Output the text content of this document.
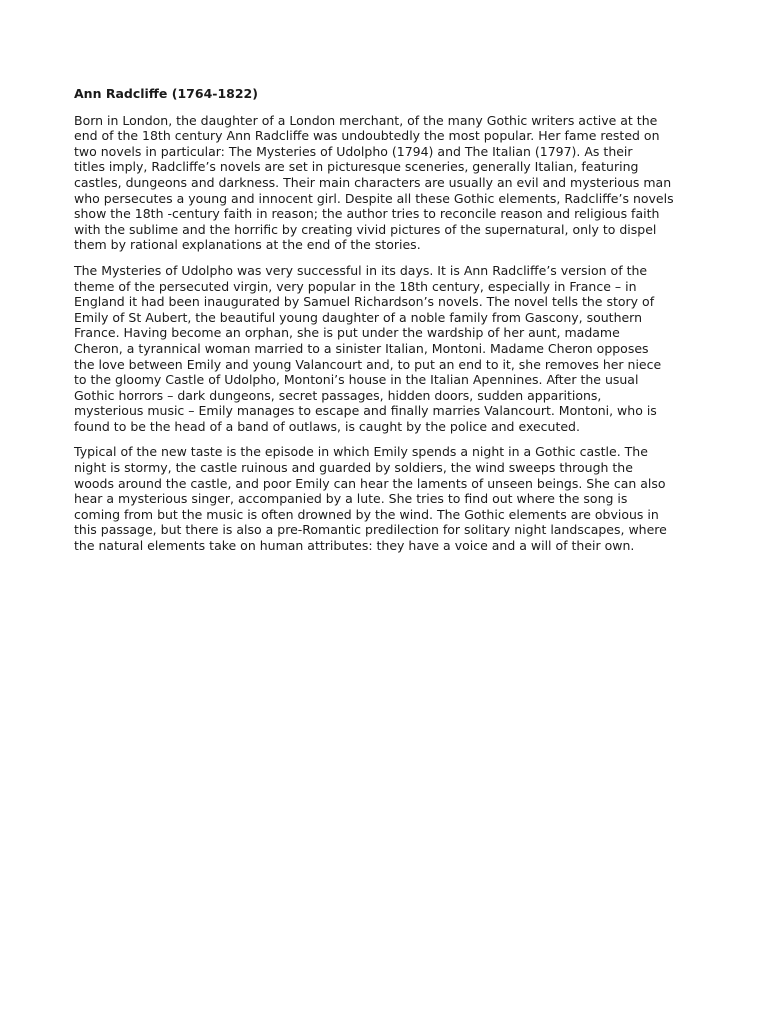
Ann Radcliffe (1764-1822)

Born in London, the daughter of a London merchant, of the many Gothic writers active at the
end of the 18th century Ann Radcliffe was undoubtedly the most popular. Her fame rested on
two novels in particular: The Mysteries of Udolpho (1794) and The Italian (1797). As their
titles imply, Radcliffe’s novels are set in picturesque sceneries, generally Italian, featuring
castles, dungeons and darkness. Their main characters are usually an evil and mysterious man
who persecutes a young and innocent girl. Despite all these Gothic elements, Radcliffe’s novels
show the 18th -century faith in reason; the author tries to reconcile reason and religious faith
with the sublime and the horrific by creating vivid pictures of the supernatural, only to dispel
them by rational explanations at the end of the stories.

The Mysteries of Udolpho was very successful in its days. It is Ann Radcliffe’s version of the
theme of the persecuted virgin, very popular in the 18th century, especially in France – in
England it had been inaugurated by Samuel Richardson’s novels. The novel tells the story of
Emily of St Aubert, the beautiful young daughter of a noble family from Gascony, southern
France. Having become an orphan, she is put under the wardship of her aunt, madame
Cheron, a tyrannical woman married to a sinister Italian, Montoni. Madame Cheron opposes
the love between Emily and young Valancourt and, to put an end to it, she removes her niece
to the gloomy Castle of Udolpho, Montoni’s house in the Italian Apennines. After the usual
Gothic horrors – dark dungeons, secret passages, hidden doors, sudden apparitions,
mysterious music – Emily manages to escape and finally marries Valancourt. Montoni, who is
found to be the head of a band of outlaws, is caught by the police and executed.

Typical of the new taste is the episode in which Emily spends a night in a Gothic castle. The
night is stormy, the castle ruinous and guarded by soldiers, the wind sweeps through the
woods around the castle, and poor Emily can hear the laments of unseen beings. She can also
hear a mysterious singer, accompanied by a lute. She tries to find out where the song is
coming from but the music is often drowned by the wind. The Gothic elements are obvious in
this passage, but there is also a pre-Romantic predilection for solitary night landscapes, where
the natural elements take on human attributes: they have a voice and a will of their own.
